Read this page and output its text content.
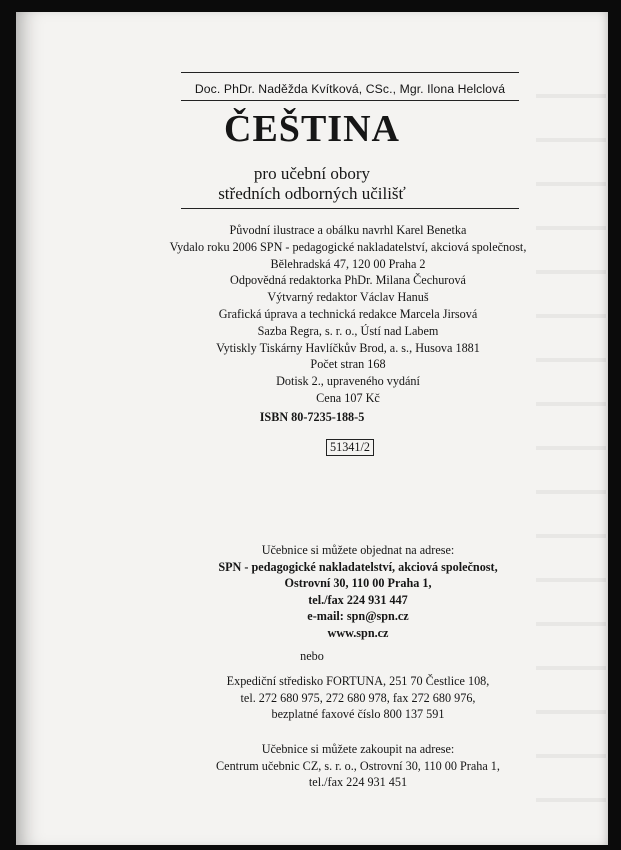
Doc. PhDr. Naděžda Kvítková, CSc., Mgr. Ilona Helclová
ČEŠTINA
pro učební obory
středních odborných učilišť
Původní ilustrace a obálku navrhl Karel Benetka
Vydalo roku 2006 SPN - pedagogické nakladatelství, akciová společnost,
Bělehradská 47, 120 00 Praha 2
Odpovědná redaktorka PhDr. Milana Čechurová
Výtvarný redaktor Václav Hanuš
Grafická úprava a technická redakce Marcela Jirsová
Sazba Regra, s. r. o., Ústí nad Labem
Vytiskly Tiskárny Havlíčkův Brod, a. s., Husova 1881
Počet stran 168
Dotisk 2., upraveného vydání
Cena 107 Kč
ISBN 80-7235-188-5
51341/2
Učebnice si můžete objednat na adrese:
SPN - pedagogické nakladatelství, akciová společnost,
Ostrovní 30, 110 00 Praha 1,
tel./fax 224 931 447
e-mail: spn@spn.cz
www.spn.cz
nebo
Expediční středisko FORTUNA, 251 70 Čestlice 108,
tel. 272 680 975, 272 680 978, fax 272 680 976,
bezplatné faxové číslo 800 137 591
Učebnice si můžete zakoupit na adrese:
Centrum učebnic CZ, s. r. o., Ostrovní 30, 110 00 Praha 1,
tel./fax 224 931 451
